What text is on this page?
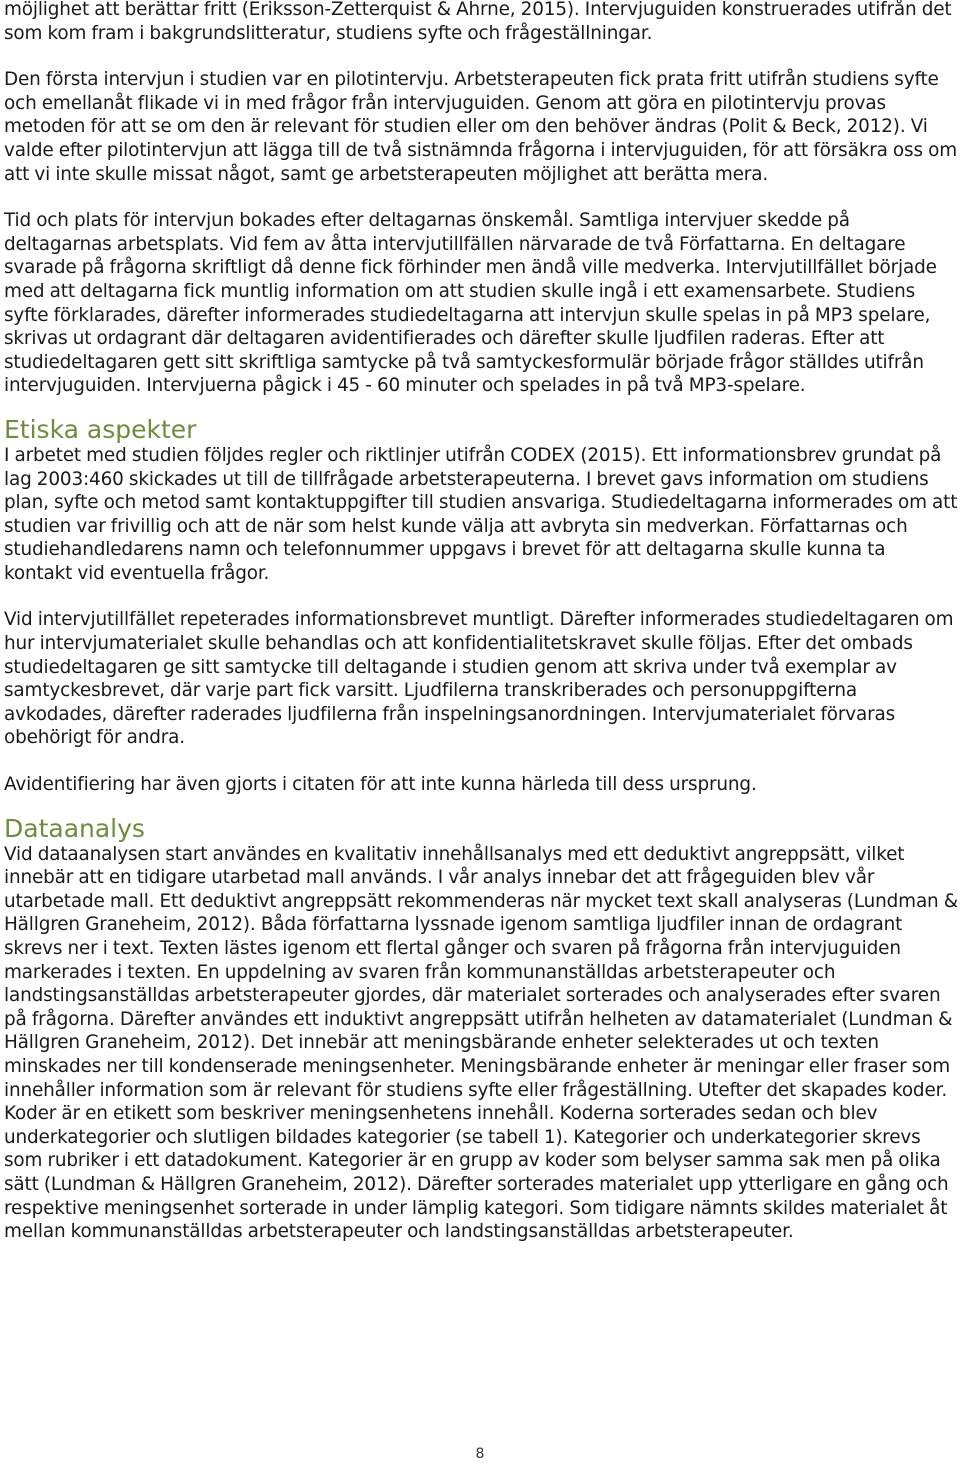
möjlighet att berättar fritt (Eriksson-Zetterquist & Ahrne, 2015). Intervjuguiden konstruerades utifrån det som kom fram i bakgrundslitteratur, studiens syfte och frågeställningar.

Den första intervjun i studien var en pilotintervju. Arbetsterapeuten fick prata fritt utifrån studiens syfte och emellanåt flikade vi in med frågor från intervjuguiden. Genom att göra en pilotintervju provas metoden för att se om den är relevant för studien eller om den behöver ändras (Polit & Beck, 2012). Vi valde efter pilotintervjun att lägga till de två sistnämnda frågorna i intervjuguiden, för att försäkra oss om att vi inte skulle missat något, samt ge arbetsterapeuten möjlighet att berätta mera.

Tid och plats för intervjun bokades efter deltagarnas önskemål. Samtliga intervjuer skedde på deltagarnas arbetsplats. Vid fem av åtta intervjutillfällen närvarade de två Författarna. En deltagare svarade på frågorna skriftligt då denne fick förhinder men ändå ville medverka. Intervjutillfället började med att deltagarna fick muntlig information om att studien skulle ingå i ett examensarbete. Studiens syfte förklarades, därefter informerades studiedeltagarna att intervjun skulle spelas in på MP3 spelare, skrivas ut ordagrant där deltagaren avidentifierades och därefter skulle ljudfilen raderas. Efter att studiedeltagaren gett sitt skriftliga samtycke på två samtyckesformulär började frågor ställdes utifrån intervjuguiden. Intervjuerna pågick i 45 - 60 minuter och spelades in på två MP3-spelare.

Etiska aspekter

I arbetet med studien följdes regler och riktlinjer utifrån CODEX (2015). Ett informationsbrev grundat på lag 2003:460 skickades ut till de tillfrågade arbetsterapeuterna. I brevet gavs information om studiens plan, syfte och metod samt kontaktuppgifter till studien ansvariga. Studiedeltagarna informerades om att studien var frivillig och att de när som helst kunde välja att avbryta sin medverkan. Författarnas och studiehandledarens namn och telefonnummer uppgavs i brevet för att deltagarna skulle kunna ta kontakt vid eventuella frågor.

Vid intervjutillfället repeterades informationsbrevet muntligt. Därefter informerades studiedeltagaren om hur intervjumaterialet skulle behandlas och att konfidentialitetskravet skulle följas. Efter det ombads studiedeltagaren ge sitt samtycke till deltagande i studien genom att skriva under två exemplar av samtyckesbrevet, där varje part fick varsitt. Ljudfilerna transkriberades och personuppgifterna avkodades, därefter raderades ljudfilerna från inspelningsanordningen. Intervjumaterialet förvaras obehörigt för andra.

Avidentifiering har även gjorts i citaten för att inte kunna härleda till dess ursprung.

Dataanalys

Vid dataanalysen start användes en kvalitativ innehållsanalys med ett deduktivt angreppsätt, vilket innebär att en tidigare utarbetad mall används. I vår analys innebar det att frågeguiden blev vår utarbetade mall. Ett deduktivt angreppsätt rekommenderas när mycket text skall analyseras (Lundman & Hällgren Graneheim, 2012). Båda författarna lyssnade igenom samtliga ljudfiler innan de ordagrant skrevs ner i text. Texten lästes igenom ett flertal gånger och svaren på frågorna från intervjuguiden markerades i texten. En uppdelning av svaren från kommunanställdas arbetsterapeuter och landstingsanställdas arbetsterapeuter gjordes, där materialet sorterades och analyserades efter svaren på frågorna. Därefter användes ett induktivt angreppsätt utifrån helheten av datamaterialet (Lundman & Hällgren Graneheim, 2012). Det innebär att meningsbärande enheter selekterades ut och texten minskades ner till kondenserade meningsenheter. Meningsbärande enheter är meningar eller fraser som innehåller information som är relevant för studiens syfte eller frågeställning. Utefter det skapades koder. Koder är en etikett som beskriver meningsenhetens innehåll. Koderna sorterades sedan och blev underkategorier och slutligen bildades kategorier (se tabell 1). Kategorier och underkategorier skrevs som rubriker i ett datadokument. Kategorier är en grupp av koder som belyser samma sak men på olika sätt (Lundman & Hällgren Graneheim, 2012). Därefter sorterades materialet upp ytterligare en gång och respektive meningsenhet sorterade in under lämplig kategori. Som tidigare nämnts skildes materialet åt mellan kommunanställdas arbetsterapeuter och landstingsanställdas arbetsterapeuter.

8
